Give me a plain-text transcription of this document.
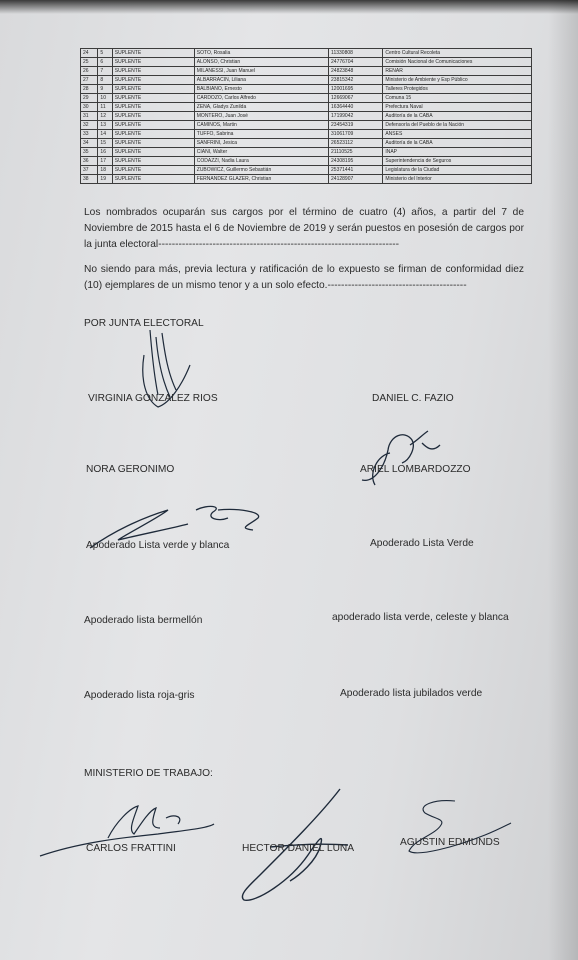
24	5	SUPLENTE	SOTO, Rosalia	11330808	Centro Cultural Recoleta
25	6	SUPLENTE	ALONSO, Christian	24776704	Comisión Nacional de Comunicaciones
26	7	SUPLENTE	MILANESSI, Juan Manuel	24823848	RENAR
27	8	SUPLENTE	ALBARRACIN, Liliana	23815342	Ministerio de Ambiente y Esp Público
28	9	SUPLENTE	BALBIANO, Ernesto	12001695	Talleres Protegidos
29	10	SUPLENTE	CARDOZO, Carlos Alfredo	12669067	Comuna 15
30	11	SUPLENTE	ZENA, Gladys Zunilda	16364440	Prefectura Naval
31	12	SUPLENTE	MONTERO, Juan José	17199042	Auditoría de la CABA
32	13	SUPLENTE	CAMINOS, Martin	23454319	Defensoría del Pueblo de la Nación
33	14	SUPLENTE	TUFFO, Sabrina	31061709	ANSES
34	15	SUPLENTE	SANFRINI, Jesica	26523112	Auditoría de la CABA
35	16	SUPLENTE	CIANI, Walter	21110525	INAP
36	17	SUPLENTE	CODAZZI, Nadia Laura	24308195	Superintendencia de Seguros
37	18	SUPLENTE	ZUBOWICZ, Guillermo Sebastián	25371441	Legislatura de la Ciudad
38	19	SUPLENTE	FERNANDEZ GLAZER, Christian	24128907	Ministerio del Interior

Los nombrados ocuparán sus cargos por el término de cuatro (4) años, a partir del 7 de Noviembre de 2015 hasta el 6 de Noviembre de 2019 y serán puestos en posesión de cargos por la junta electoral-----------------------------------------------------------------------

No siendo para más, previa lectura y ratificación de lo expuesto se firman de conformidad diez (10) ejemplares de un mismo tenor y a un solo efecto.-----------------------------------------

POR JUNTA ELECTORAL

VIRGINIA GONZALEZ RIOS	DANIEL C. FAZIO

NORA GERONIMO	ARIEL LOMBARDOZZO

Apoderado Lista verde y blanca	Apoderado Lista Verde

Apoderado lista bermellón	apoderado lista verde, celeste y blanca

Apoderado lista roja-gris	Apoderado lista jubilados verde

MINISTERIO DE TRABAJO:

CARLOS FRATTINI	HECTOR DANIEL LUNA

AGUSTIN EDMUNDS
